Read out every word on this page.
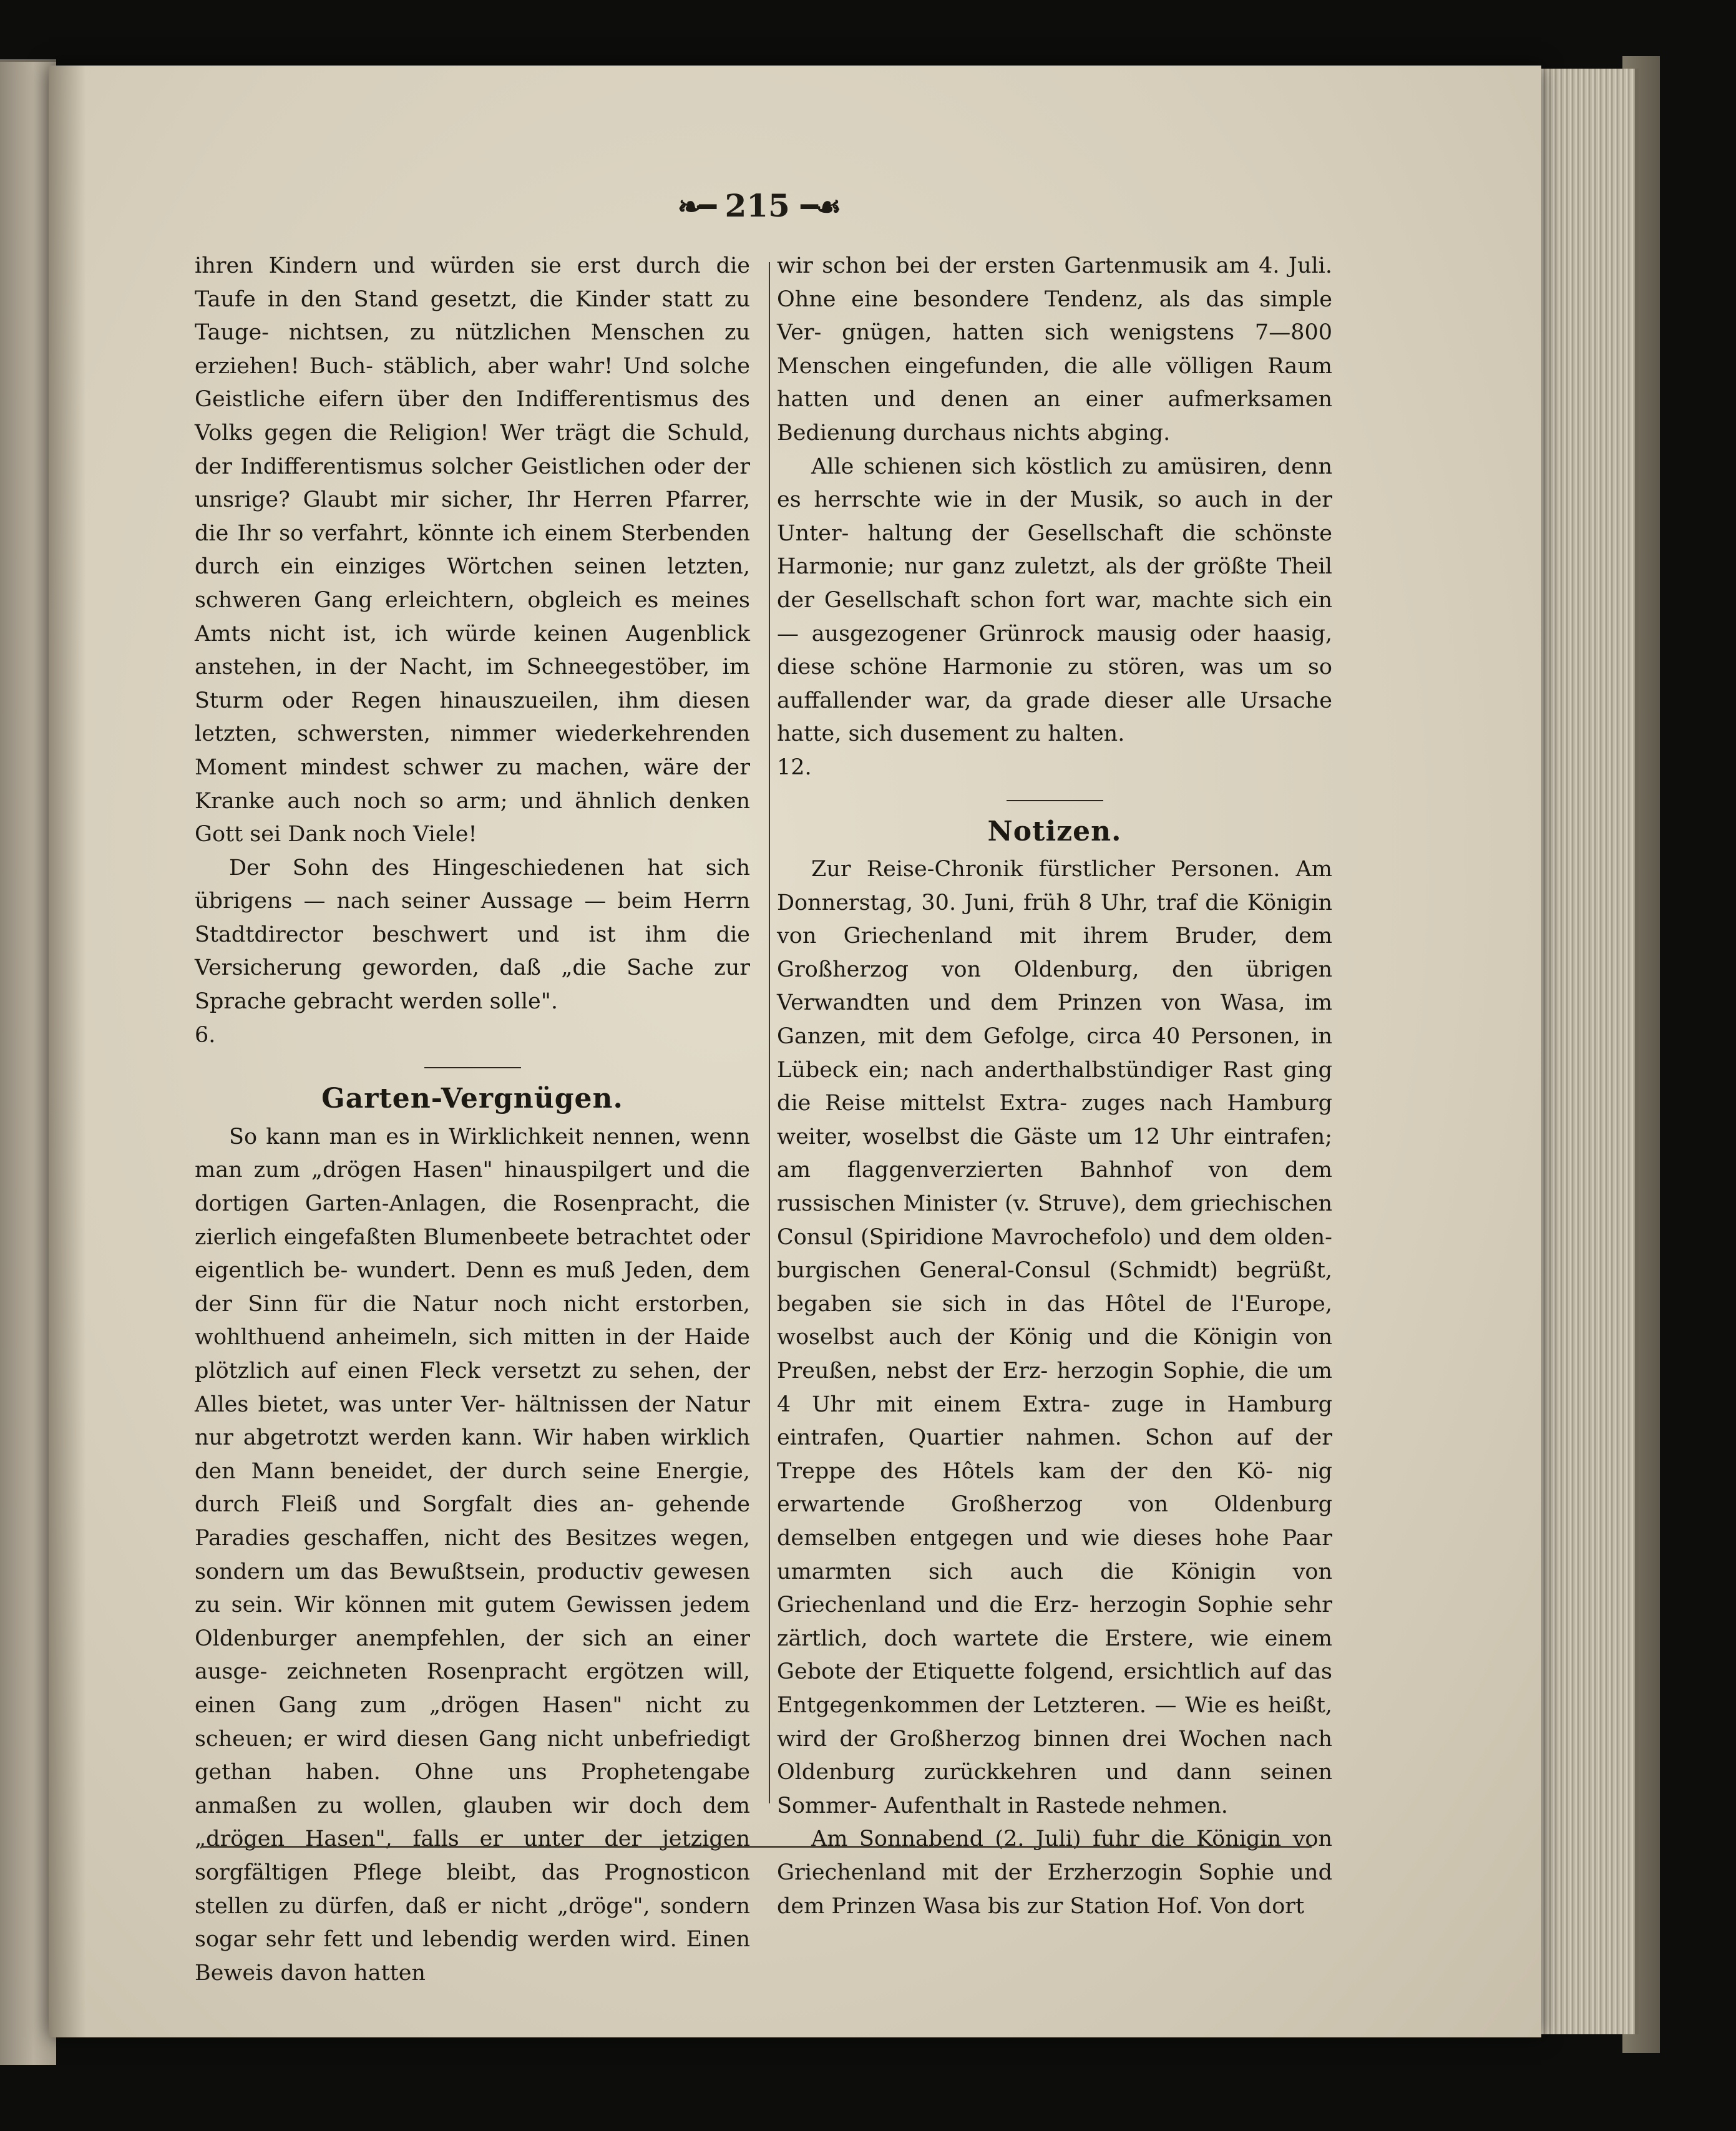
❧━ 215 ━☙

ihren Kindern und würden sie erst durch die Taufe in den Stand gesetzt, die Kinder statt zu Tauge- nichtsen, zu nützlichen Menschen zu erziehen! Buch- stäblich, aber wahr! Und solche Geistliche eifern über den Indifferentismus des Volks gegen die Religion! Wer trägt die Schuld, der Indifferentismus solcher Geistlichen oder der unsrige? Glaubt mir sicher, Ihr Herren Pfarrer, die Ihr so verfahrt, könnte ich einem Sterbenden durch ein einziges Wörtchen seinen letzten, schweren Gang erleichtern, obgleich es meines Amts nicht ist, ich würde keinen Augenblick anstehen, in der Nacht, im Schneegestöber, im Sturm oder Regen hinauszueilen, ihm diesen letzten, schwersten, nimmer wiederkehrenden Moment mindest schwer zu machen, wäre der Kranke auch noch so arm; und ähnlich denken Gott sei Dank noch Viele!

Der Sohn des Hingeschiedenen hat sich übrigens — nach seiner Aussage — beim Herrn Stadtdirector beschwert und ist ihm die Versicherung geworden, daß „die Sache zur Sprache gebracht werden solle".

6.

Garten-Vergnügen.

So kann man es in Wirklichkeit nennen, wenn man zum „drögen Hasen" hinauspilgert und die dortigen Garten-Anlagen, die Rosenpracht, die zierlich eingefaßten Blumenbeete betrachtet oder eigentlich be- wundert. Denn es muß Jeden, dem der Sinn für die Natur noch nicht erstorben, wohlthuend anheimeln, sich mitten in der Haide plötzlich auf einen Fleck versetzt zu sehen, der Alles bietet, was unter Ver- hältnissen der Natur nur abgetrotzt werden kann. Wir haben wirklich den Mann beneidet, der durch seine Energie, durch Fleiß und Sorgfalt dies an- gehende Paradies geschaffen, nicht des Besitzes wegen, sondern um das Bewußtsein, productiv gewesen zu sein. Wir können mit gutem Gewissen jedem Oldenburger anempfehlen, der sich an einer ausge- zeichneten Rosenpracht ergötzen will, einen Gang zum „drögen Hasen" nicht zu scheuen; er wird diesen Gang nicht unbefriedigt gethan haben. Ohne uns Prophetengabe anmaßen zu wollen, glauben wir doch dem „drögen Hasen", falls er unter der jetzigen sorgfältigen Pflege bleibt, das Prognosticon stellen zu dürfen, daß er nicht „dröge", sondern sogar sehr fett und lebendig werden wird. Einen Beweis davon hatten

wir schon bei der ersten Gartenmusik am 4. Juli. Ohne eine besondere Tendenz, als das simple Ver- gnügen, hatten sich wenigstens 7—800 Menschen eingefunden, die alle völligen Raum hatten und denen an einer aufmerksamen Bedienung durchaus nichts abging.

Alle schienen sich köstlich zu amüsiren, denn es herrschte wie in der Musik, so auch in der Unter- haltung der Gesellschaft die schönste Harmonie; nur ganz zuletzt, als der größte Theil der Gesellschaft schon fort war, machte sich ein — ausgezogener Grünrock mausig oder haasig, diese schöne Harmonie zu stören, was um so auffallender war, da grade dieser alle Ursache hatte, sich dusement zu halten.

12.

Notizen.

Zur Reise-Chronik fürstlicher Personen. Am Donnerstag, 30. Juni, früh 8 Uhr, traf die Königin von Griechenland mit ihrem Bruder, dem Großherzog von Oldenburg, den übrigen Verwandten und dem Prinzen von Wasa, im Ganzen, mit dem Gefolge, circa 40 Personen, in Lübeck ein; nach anderthalbstündiger Rast ging die Reise mittelst Extra- zuges nach Hamburg weiter, woselbst die Gäste um 12 Uhr eintrafen; am flaggenverzierten Bahnhof von dem russischen Minister (v. Struve), dem griechischen Consul (Spiridione Mavrochefolo) und dem olden- burgischen General-Consul (Schmidt) begrüßt, begaben sie sich in das Hôtel de l'Europe, woselbst auch der König und die Königin von Preußen, nebst der Erz- herzogin Sophie, die um 4 Uhr mit einem Extra- zuge in Hamburg eintrafen, Quartier nahmen. Schon auf der Treppe des Hôtels kam der den Kö- nig erwartende Großherzog von Oldenburg demselben entgegen und wie dieses hohe Paar umarmten sich auch die Königin von Griechenland und die Erz- herzogin Sophie sehr zärtlich, doch wartete die Erstere, wie einem Gebote der Etiquette folgend, ersichtlich auf das Entgegenkommen der Letzteren. — Wie es heißt, wird der Großherzog binnen drei Wochen nach Oldenburg zurückkehren und dann seinen Sommer- Aufenthalt in Rastede nehmen.

Am Sonnabend (2. Juli) fuhr die Königin von Griechenland mit der Erzherzogin Sophie und dem Prinzen Wasa bis zur Station Hof. Von dort
